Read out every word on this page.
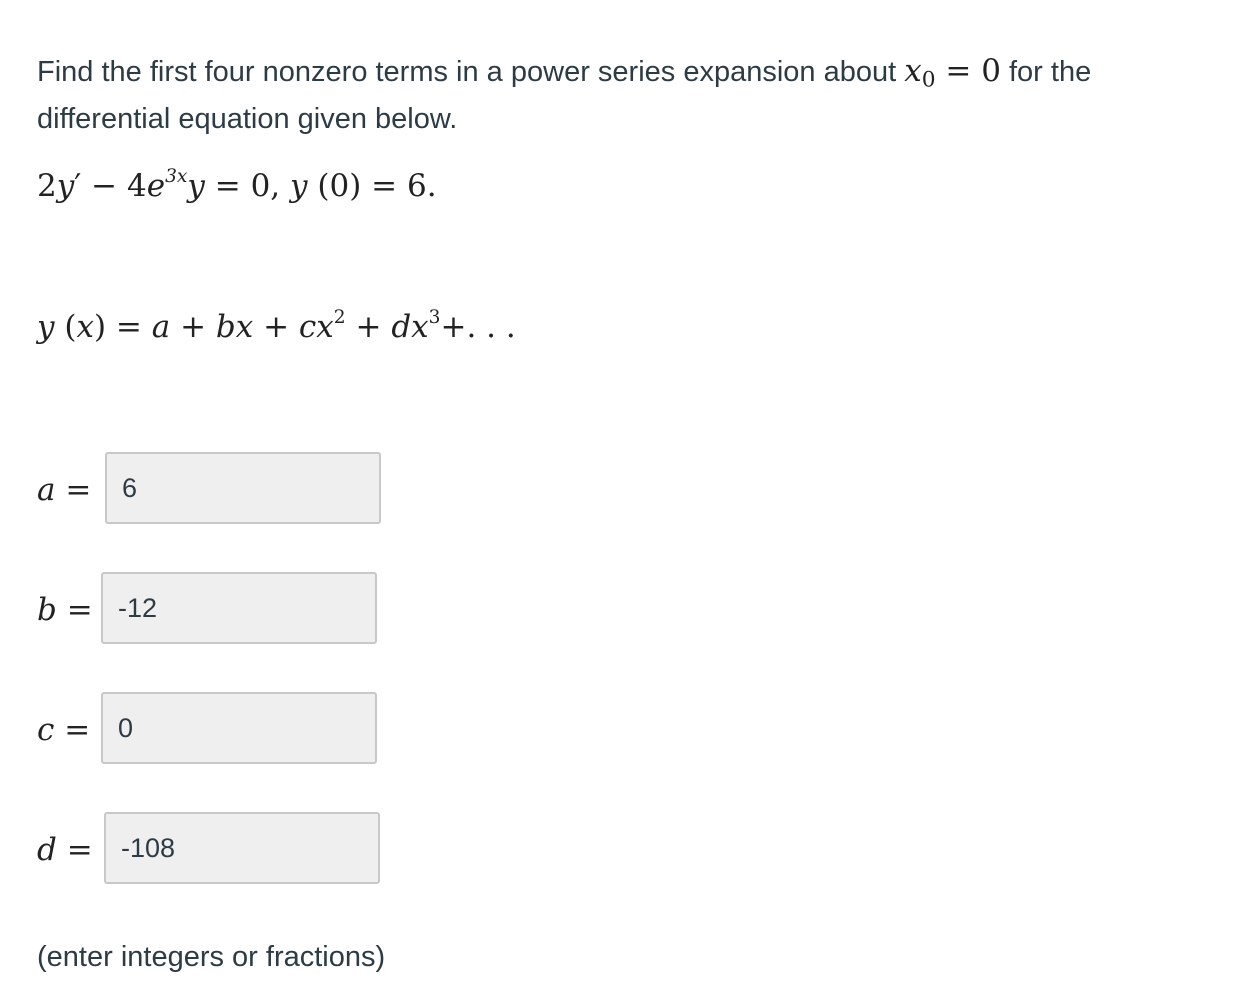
Find the first four nonzero terms in a power series expansion about $x_0 = 0$ for the differential equation given below.
$2y' - 4e^{3x}y = 0$, y (0) = 6.
y (x) = a + bx + $cx^2 + dx^3+$. . .
a =
6
b =
-12
c =
0
d =
-108
(enter integers or fractions)
